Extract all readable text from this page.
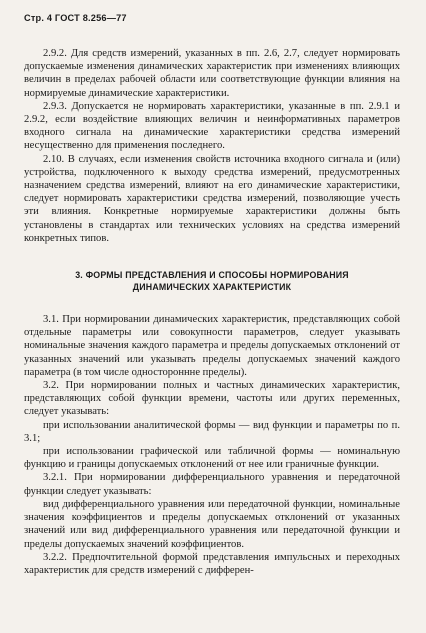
Стр. 4 ГОСТ 8.256—77

2.9.2. Для средств измерений, указанных в пп. 2.6, 2.7, следует нормировать допускаемые изменения динамических характеристик при изменениях влияющих величин в пределах рабочей области или соответствующие функции влияния на нормируемые динамические характеристики.

2.9.3. Допускается не нормировать характеристики, указанные в пп. 2.9.1 и 2.9.2, если воздействие влияющих величин и неинформативных параметров входного сигнала на динамические характеристики средства измерений несущественно для применения последнего.

2.10. В случаях, если изменения свойств источника входного сигнала и (или) устройства, подключенного к выходу средства измерений, предусмотренных назначением средства измерений, влияют на его динамические характеристики, следует нормировать характеристики средства измерений, позволяющие учесть эти влияния. Конкретные нормируемые характеристики должны быть установлены в стандартах или технических условиях на средства измерений конкретных типов.

3. ФОРМЫ ПРЕДСТАВЛЕНИЯ И СПОСОБЫ НОРМИРОВАНИЯ
ДИНАМИЧЕСКИХ ХАРАКТЕРИСТИК

3.1. При нормировании динамических характеристик, представляющих собой отдельные параметры или совокупности параметров, следует указывать номинальные значения каждого параметра и пределы допускаемых отклонений от указанных значений или указывать пределы допускаемых значений каждого параметра (в том числе одностороннне пределы).

3.2. При нормировании полных и частных динамических характеристик, представляющих собой функции времени, частоты или других переменных, следует указывать:

при использовании аналитической формы — вид функции и параметры по п. 3.1;

при использовании графической или табличной формы — номинальную функцию и границы допускаемых отклонений от нее или граничные функции.

3.2.1. При нормировании дифференциального уравнения и передаточной функции следует указывать:

вид дифференциального уравнения или передаточной функции, номинальные значения коэффициентов и пределы допускаемых отклонений от указанных значений или вид дифференциального уравнения или передаточной функции и пределы допускаемых значений коэффициентов.

3.2.2. Предпочтительной формой представления импульсных и переходных характеристик для средств измерений с дифферен-
